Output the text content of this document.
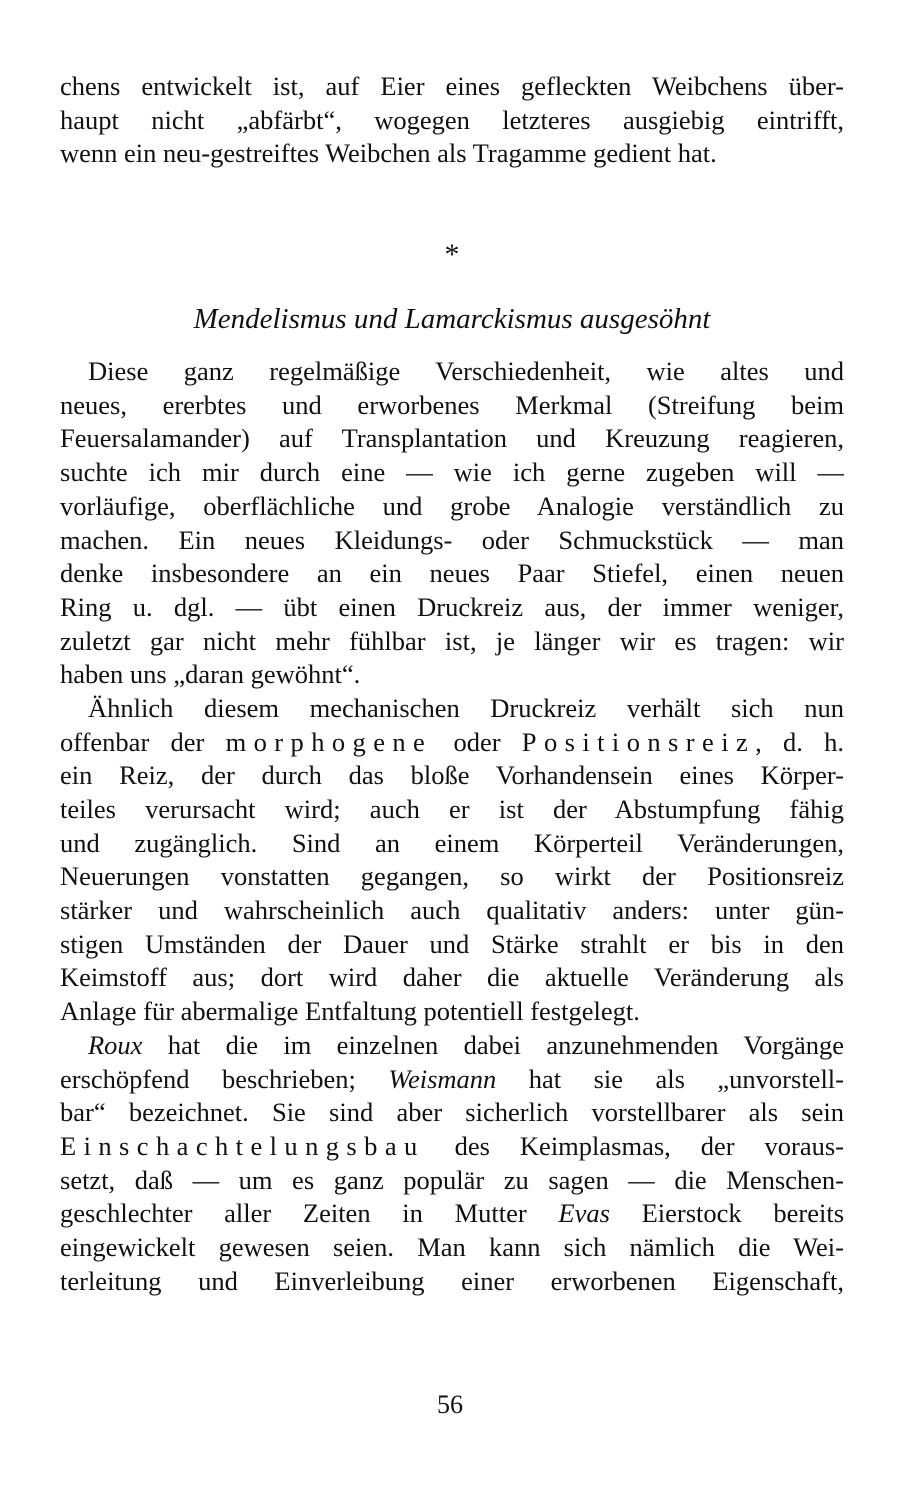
chens entwickelt ist, auf Eier eines gefleckten Weibchens über-
haupt nicht „abfärbt“, wogegen letzteres ausgiebig eintrifft,
wenn ein neu-gestreiftes Weibchen als Tragamme gedient hat.
*
Mendelismus und Lamarckismus ausgesöhnt
Diese ganz regelmäßige Verschiedenheit, wie altes und
neues, ererbtes und erworbenes Merkmal (Streifung beim
Feuersalamander) auf Transplantation und Kreuzung reagieren,
suchte ich mir durch eine — wie ich gerne zugeben will —
vorläufige, oberflächliche und grobe Analogie verständlich zu
machen. Ein neues Kleidungs- oder Schmuckstück — man
denke insbesondere an ein neues Paar Stiefel, einen neuen
Ring u. dgl. — übt einen Druckreiz aus, der immer weniger,
zuletzt gar nicht mehr fühlbar ist, je länger wir es tragen: wir
haben uns „daran gewöhnt“.
Ähnlich diesem mechanischen Druckreiz verhält sich nun
offenbar der morphogene oder Positionsreiz, d. h.
ein Reiz, der durch das bloße Vorhandensein eines Körper-
teiles verursacht wird; auch er ist der Abstumpfung fähig
und zugänglich. Sind an einem Körperteil Veränderungen,
Neuerungen vonstatten gegangen, so wirkt der Positionsreiz
stärker und wahrscheinlich auch qualitativ anders: unter gün-
stigen Umständen der Dauer und Stärke strahlt er bis in den
Keimstoff aus; dort wird daher die aktuelle Veränderung als
Anlage für abermalige Entfaltung potentiell festgelegt.
Roux hat die im einzelnen dabei anzunehmenden Vorgänge
erschöpfend beschrieben; Weismann hat sie als „unvorstell-
bar“ bezeichnet. Sie sind aber sicherlich vorstellbarer als sein
Einschachtelungsbau des Keimplasmas, der voraus-
setzt, daß — um es ganz populär zu sagen — die Menschen-
geschlechter aller Zeiten in Mutter Evas Eierstock bereits
eingewickelt gewesen seien. Man kann sich nämlich die Wei-
terleitung und Einverleibung einer erworbenen Eigenschaft,
56
